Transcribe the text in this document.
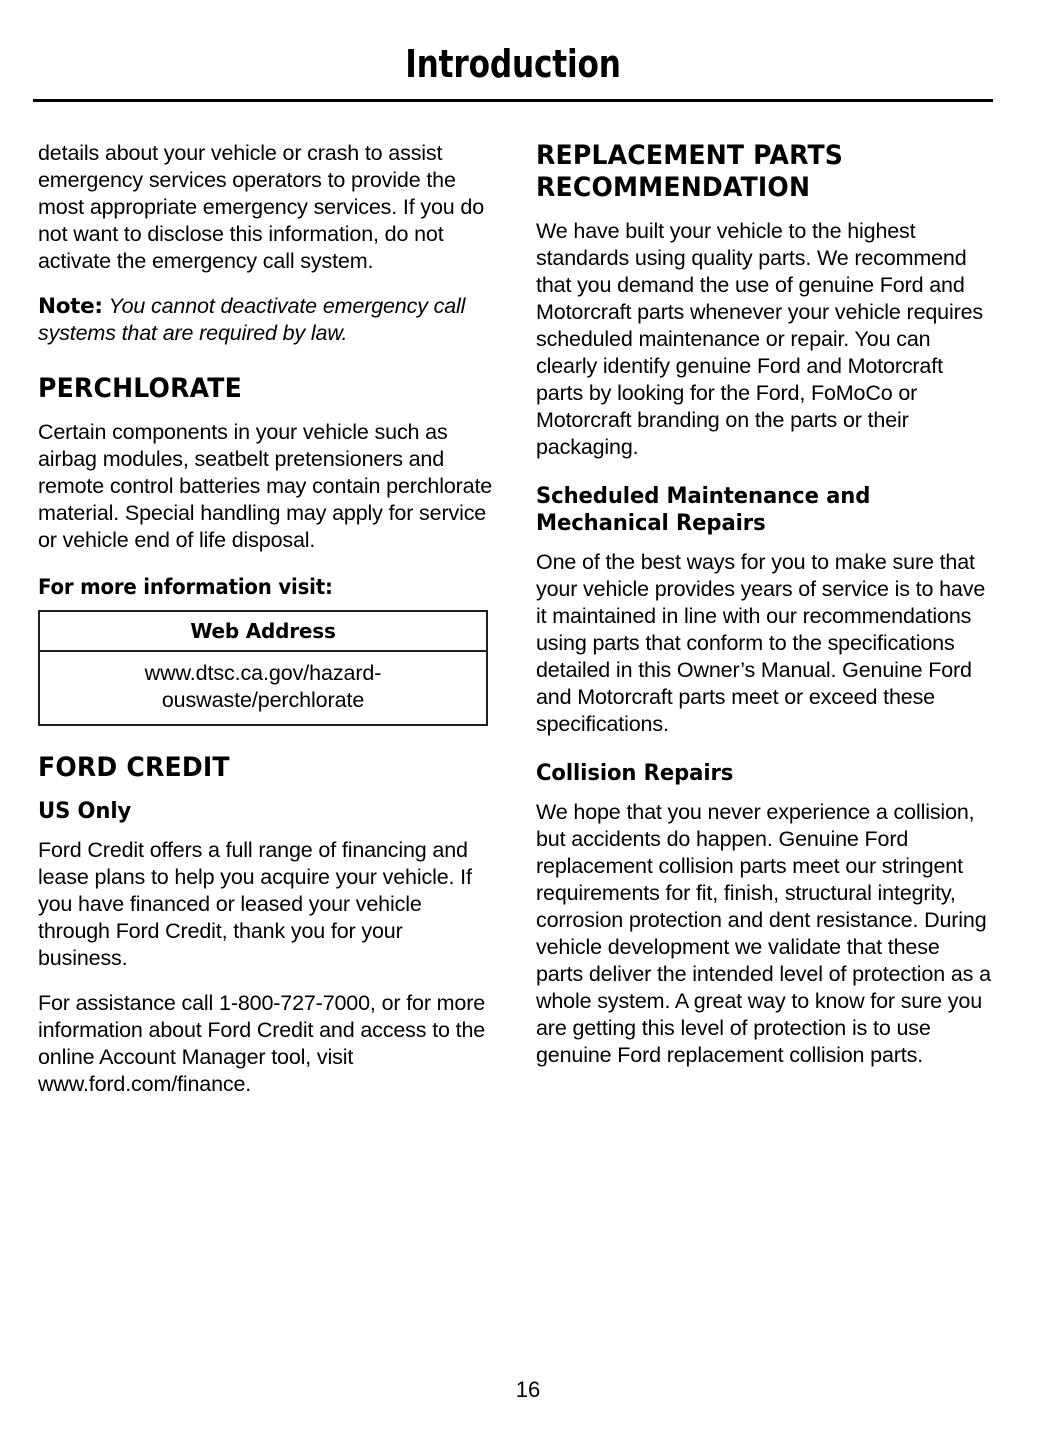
Introduction

details about your vehicle or crash to assist emergency services operators to provide the most appropriate emergency services. If you do not want to disclose this information, do not activate the emergency call system.

Note: You cannot deactivate emergency call systems that are required by law.

PERCHLORATE

Certain components in your vehicle such as airbag modules, seatbelt pretensioners and remote control batteries may contain perchlorate material. Special handling may apply for service or vehicle end of life disposal.

For more information visit:
Web Address

www.dtsc.ca.gov/hazard-
ouswaste/perchlorate
FORD CREDIT
US Only

Ford Credit offers a full range of financing and lease plans to help you acquire your vehicle. If you have financed or leased your vehicle through Ford Credit, thank you for your business.

For assistance call 1-800-727-7000, or for more information about Ford Credit and access to the online Account Manager tool, visit www.ford.com/finance.

REPLACEMENT PARTS
RECOMMENDATION

We have built your vehicle to the highest standards using quality parts. We recommend that you demand the use of genuine Ford and Motorcraft parts whenever your vehicle requires scheduled maintenance or repair. You can clearly identify genuine Ford and Motorcraft parts by looking for the Ford, FoMoCo or Motorcraft branding on the parts or their packaging.

Scheduled Maintenance and
Mechanical Repairs

One of the best ways for you to make sure that your vehicle provides years of service is to have it maintained in line with our recommendations using parts that conform to the specifications detailed in this Owner’s Manual. Genuine Ford and Motorcraft parts meet or exceed these specifications.

Collision Repairs

We hope that you never experience a collision, but accidents do happen. Genuine Ford replacement collision parts meet our stringent requirements for fit, finish, structural integrity, corrosion protection and dent resistance. During vehicle development we validate that these parts deliver the intended level of protection as a whole system. A great way to know for sure you are getting this level of protection is to use genuine Ford replacement collision parts.

16
